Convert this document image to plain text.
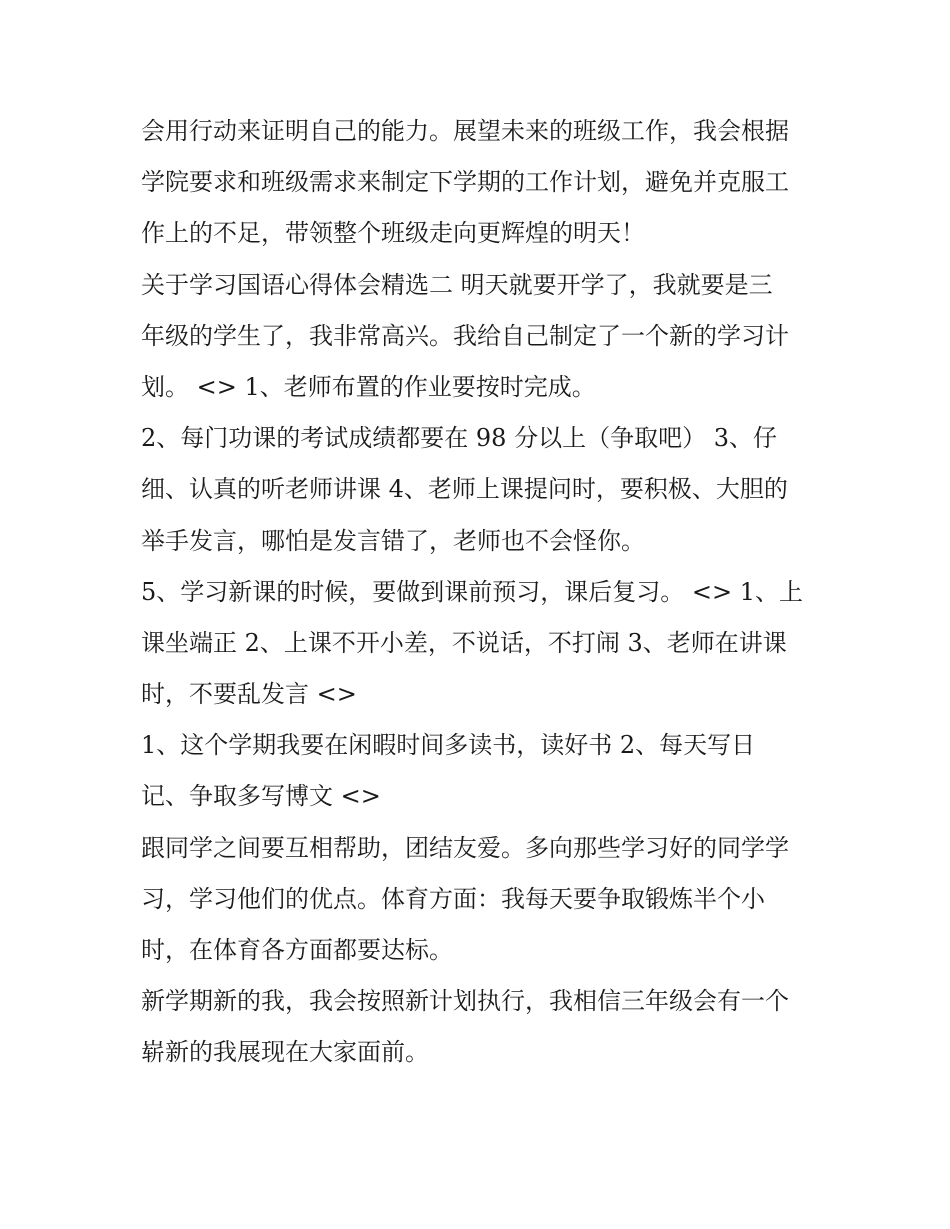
会用行动来证明自己的能力。展望未来的班级工作，我会根据
学院要求和班级需求来制定下学期的工作计划，避免并克服工
作上的不足，带领整个班级走向更辉煌的明天！
关于学习国语心得体会精选二 明天就要开学了，我就要是三
年级的学生了，我非常高兴。我给自己制定了一个新的学习计
划。 <> 1、老师布置的作业要按时完成。
2、每门功课的考试成绩都要在 98 分以上（争取吧） 3、仔
细、认真的听老师讲课 4、老师上课提问时，要积极、大胆的
举手发言，哪怕是发言错了，老师也不会怪你。
5、学习新课的时候，要做到课前预习，课后复习。 <> 1、上
课坐端正 2、上课不开小差，不说话，不打闹 3、老师在讲课
时，不要乱发言 <>
1、这个学期我要在闲暇时间多读书，读好书 2、每天写日
记、争取多写博文 <>
跟同学之间要互相帮助，团结友爱。多向那些学习好的同学学
习，学习他们的优点。体育方面：我每天要争取锻炼半个小
时，在体育各方面都要达标。
新学期新的我，我会按照新计划执行，我相信三年级会有一个
崭新的我展现在大家面前。
